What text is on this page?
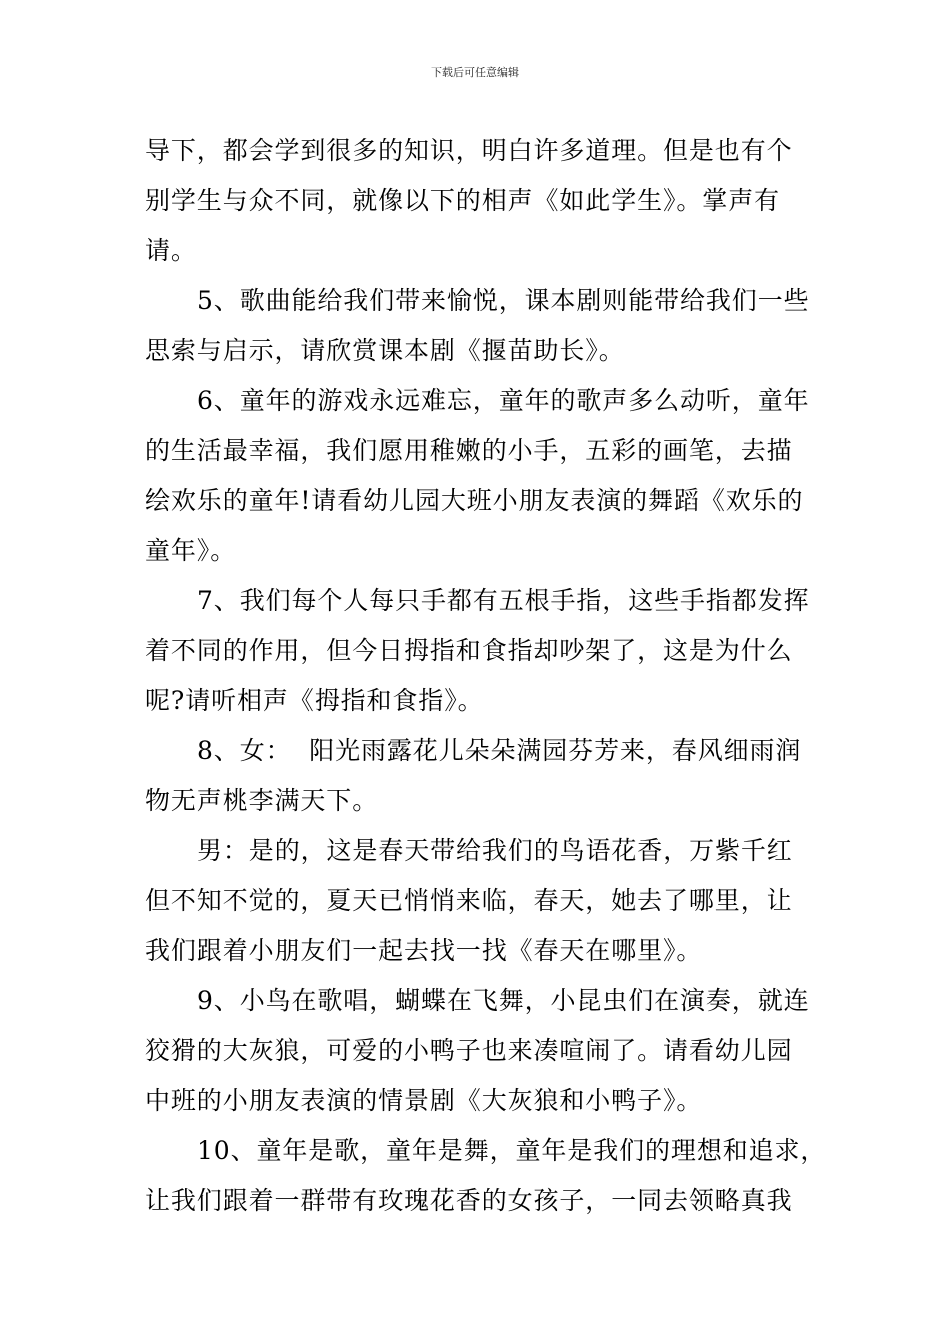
下载后可任意编辑

导下，都会学到很多的知识，明白许多道理。但是也有个
别学生与众不同，就像以下的相声《如此学生》。掌声有
请。

5、歌曲能给我们带来愉悦，课本剧则能带给我们一些
思索与启示，请欣赏课本剧《揠苗助长》。

6、童年的游戏永远难忘，童年的歌声多么动听，童年
的生活最幸福，我们愿用稚嫩的小手，五彩的画笔，去描
绘欢乐的童年!请看幼儿园大班小朋友表演的舞蹈《欢乐的
童年》。

7、我们每个人每只手都有五根手指，这些手指都发挥
着不同的作用，但今日拇指和食指却吵架了，这是为什么
呢?请听相声《拇指和食指》。

8、女：  阳光雨露花儿朵朵满园芬芳来，春风细雨润
物无声桃李满天下。

男：是的，这是春天带给我们的鸟语花香，万紫千红
但不知不觉的，夏天已悄悄来临，春天，她去了哪里，让
我们跟着小朋友们一起去找一找《春天在哪里》。

9、小鸟在歌唱，蝴蝶在飞舞，小昆虫们在演奏，就连
狡猾的大灰狼，可爱的小鸭子也来凑喧闹了。请看幼儿园
中班的小朋友表演的情景剧《大灰狼和小鸭子》。

10、童年是歌，童年是舞，童年是我们的理想和追求，
让我们跟着一群带有玫瑰花香的女孩子，一同去领略真我
